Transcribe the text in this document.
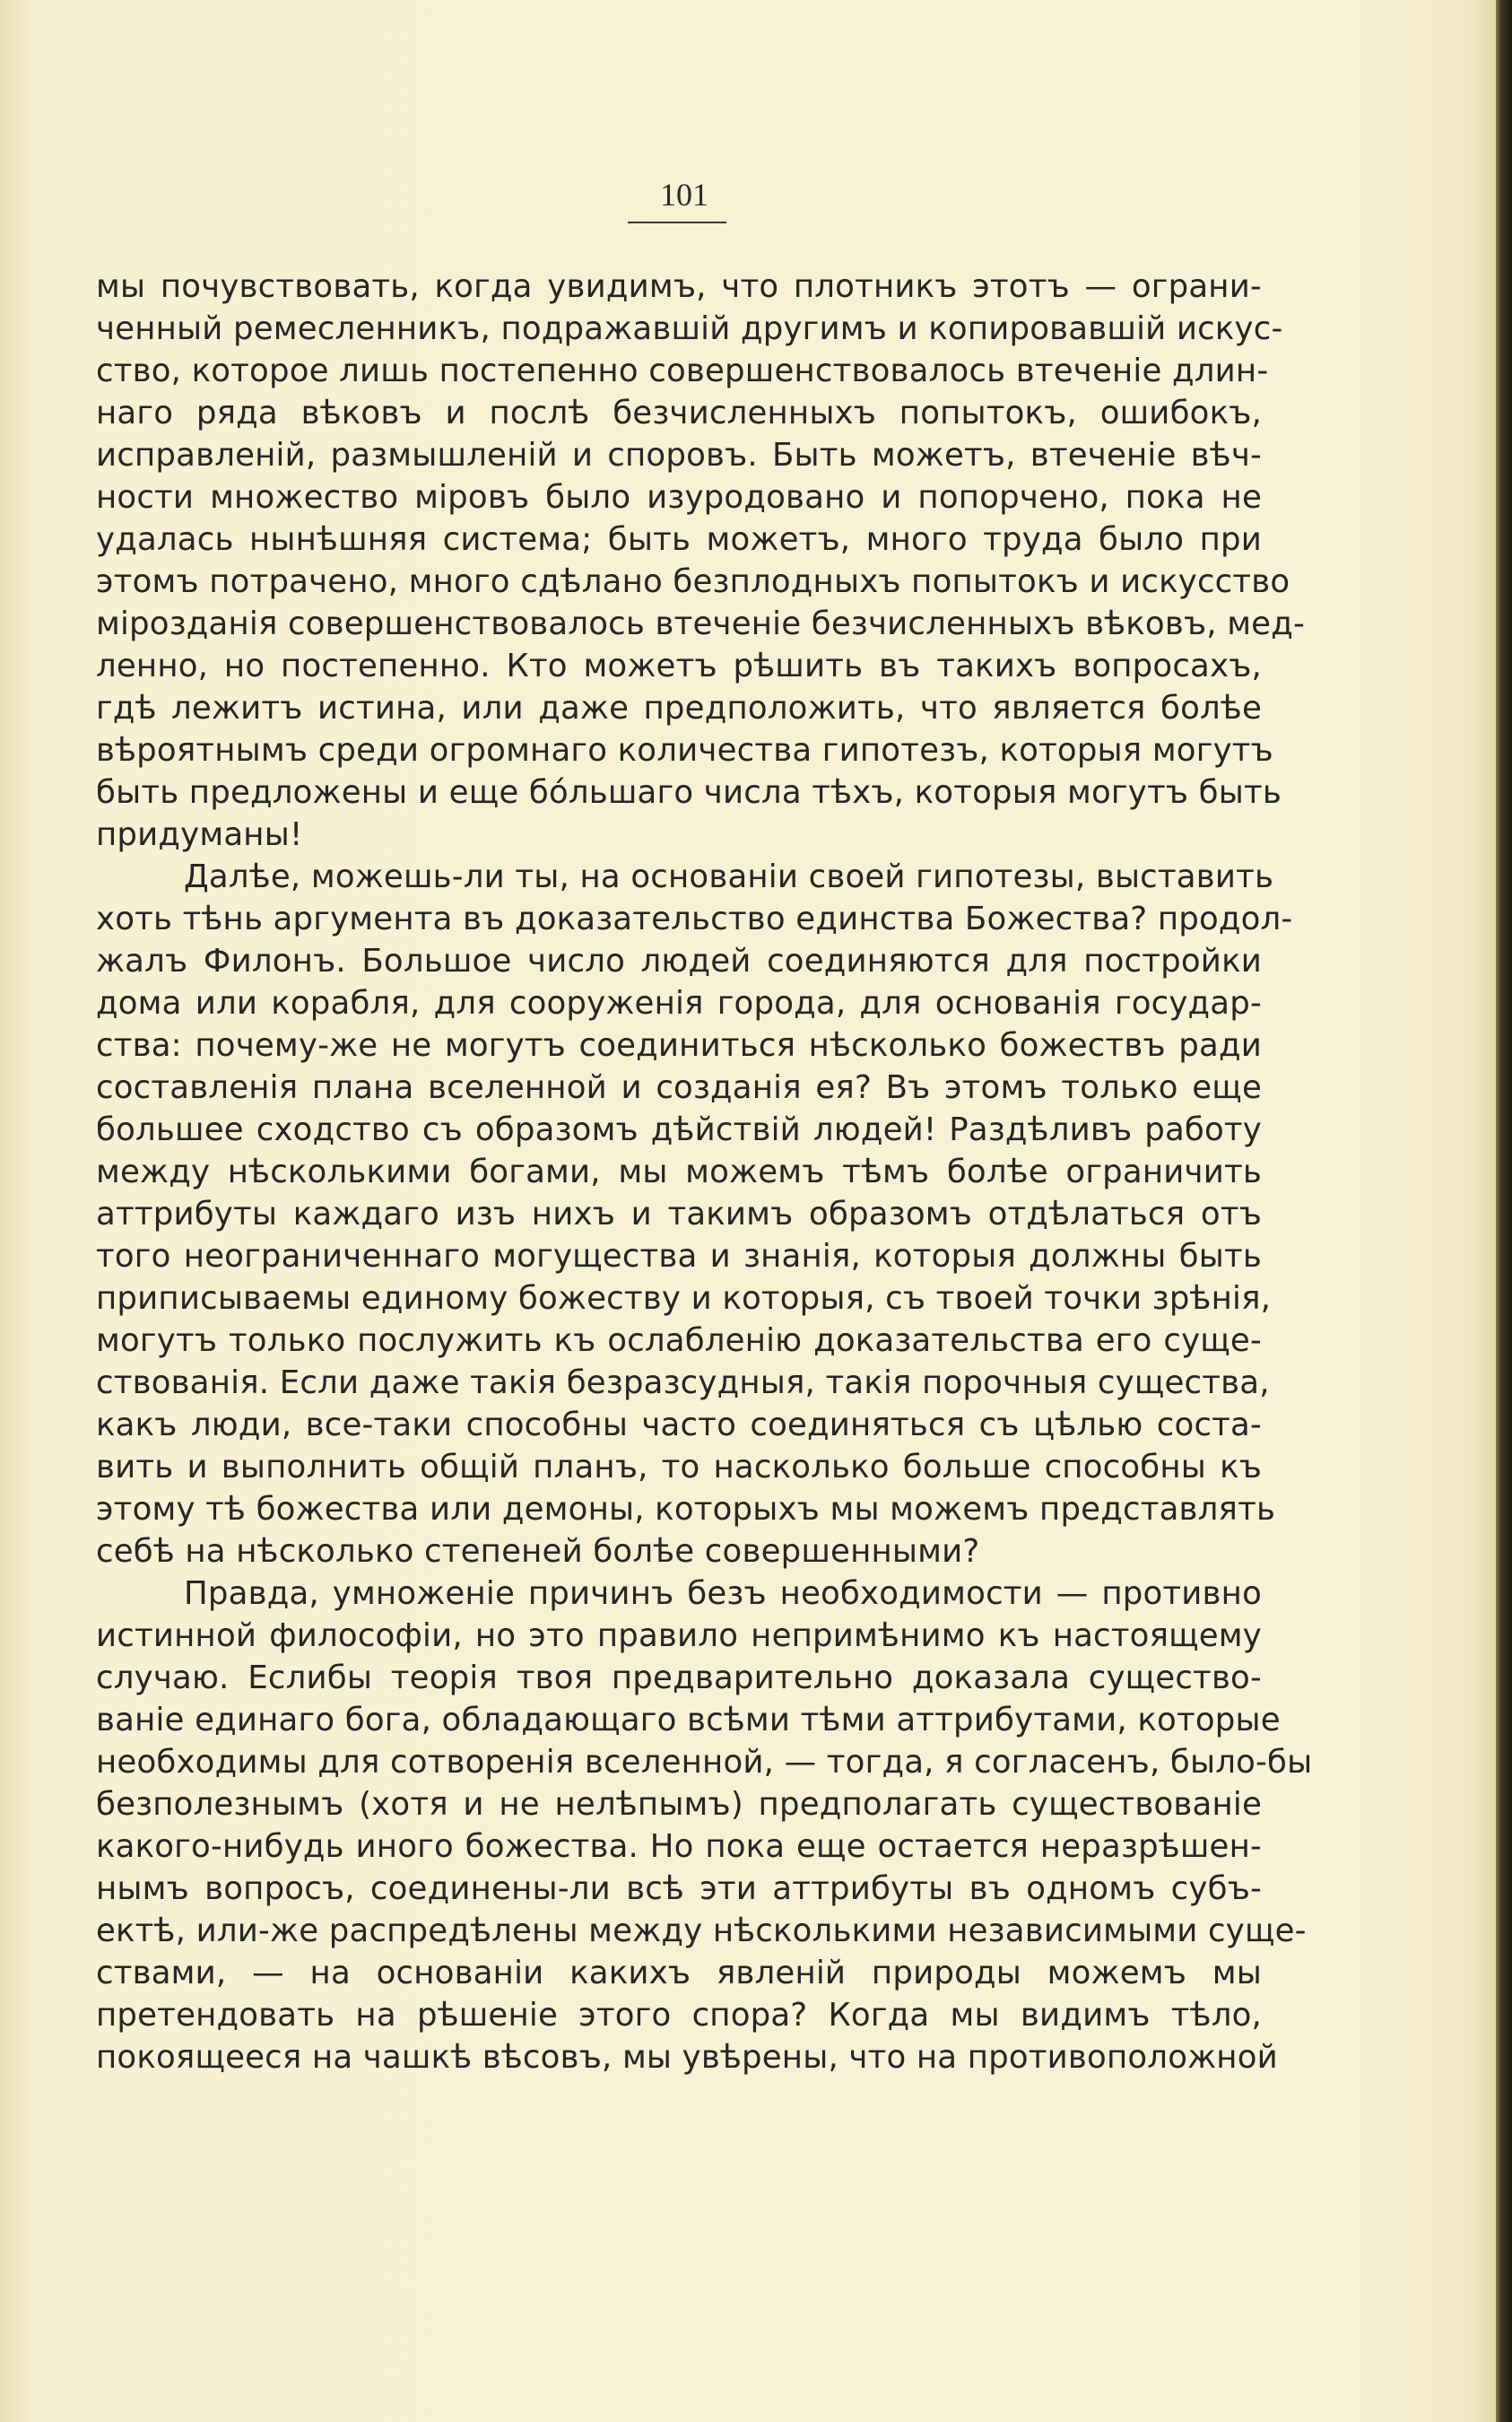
101
мы почувствовать, когда увидимъ, что плотникъ этотъ — ограни-
ченный ремесленникъ, подражавшій другимъ и копировавшій искус-
ство, которое лишь постепенно совершенствовалось втеченіе длин-
наго ряда вѣковъ и послѣ безчисленныхъ попытокъ, ошибокъ,
исправленій, размышленій и споровъ. Быть можетъ, втеченіе вѣч-
ности множество міровъ было изуродовано и попорчено, пока не
удалась нынѣшняя система; быть можетъ, много труда было при
этомъ потрачено, много сдѣлано безплодныхъ попытокъ и искусство
мірозданія совершенствовалось втеченіе безчисленныхъ вѣковъ, мед-
ленно, но постепенно. Кто можетъ рѣшить въ такихъ вопросахъ,
гдѣ лежитъ истина, или даже предположить, что является болѣе
вѣроятнымъ среди огромнаго количества гипотезъ, которыя могутъ
быть предложены и еще бóльшаго числа тѣхъ, которыя могутъ быть
придуманы!
Далѣе, можешь-ли ты, на основаніи своей гипотезы, выставить
хоть тѣнь аргумента въ доказательство единства Божества? продол-
жалъ Филонъ. Большое число людей соединяются для постройки
дома или корабля, для сооруженія города, для основанія государ-
ства: почему-же не могутъ соединиться нѣсколько божествъ ради
составленія плана вселенной и созданія ея? Въ этомъ только еще
большее сходство съ образомъ дѣйствій людей! Раздѣливъ работу
между нѣсколькими богами, мы можемъ тѣмъ болѣе ограничить
аттрибуты каждаго изъ нихъ и такимъ образомъ отдѣлаться отъ
того неограниченнаго могущества и знанія, которыя должны быть
приписываемы единому божеству и которыя, съ твоей точки зрѣнія,
могутъ только послужить къ ослабленію доказательства его суще-
ствованія. Если даже такія безразсудныя, такія порочныя существа,
какъ люди, все-таки способны часто соединяться съ цѣлью соста-
вить и выполнить общій планъ, то насколько больше способны къ
этому тѣ божества или демоны, которыхъ мы можемъ представлять
себѣ на нѣсколько степеней болѣе совершенными?
Правда, умноженіе причинъ безъ необходимости — противно
истинной философіи, но это правило непримѣнимо къ настоящему
случаю. Еслибы теорія твоя предварительно доказала существо-
ваніе единаго бога, обладающаго всѣми тѣми аттрибутами, которые
необходимы для сотворенія вселенной, — тогда, я согласенъ, было-бы
безполезнымъ (хотя и не нелѣпымъ) предполагать существованіе
какого-нибудь иного божества. Но пока еще остается неразрѣшен-
нымъ вопросъ, соединены-ли всѣ эти аттрибуты въ одномъ субъ-
ектѣ, или-же распредѣлены между нѣсколькими независимыми суще-
ствами, — на основаніи какихъ явленій природы можемъ мы
претендовать на рѣшеніе этого спора? Когда мы видимъ тѣло,
покоящееся на чашкѣ вѣсовъ, мы увѣрены, что на противоположной
